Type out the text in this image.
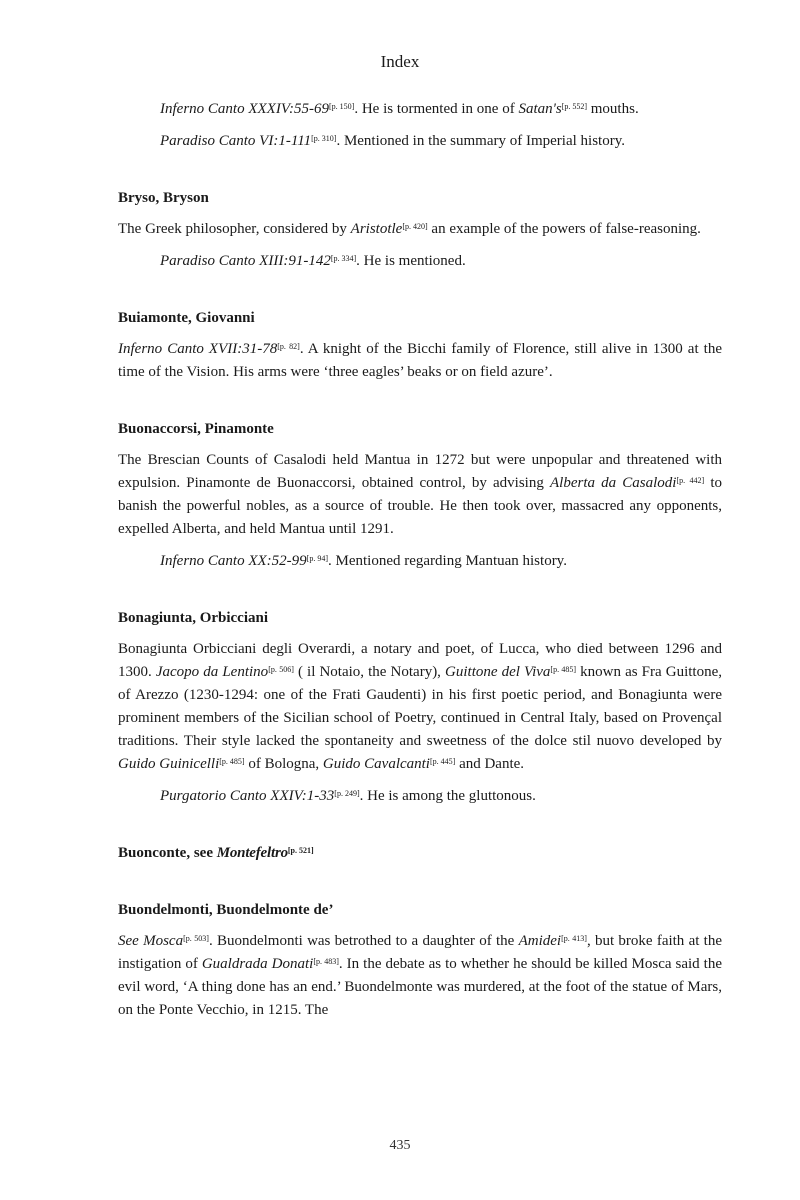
Index

Inferno Canto XXXIV:55-69[p. 150]. He is tormented in one of Satan's[p. 552] mouths.

Paradiso Canto VI:1-111[p. 310]. Mentioned in the summary of Imperial history.

Bryso, Bryson

The Greek philosopher, considered by Aristotle[p. 420] an example of the powers of false-reasoning.

Paradiso Canto XIII:91-142[p. 334]. He is mentioned.

Buiamonte, Giovanni

Inferno Canto XVII:31-78[p. 82]. A knight of the Bicchi family of Florence, still alive in 1300 at the time of the Vision. His arms were ‘three eagles’ beaks or on field azure’.

Buonaccorsi, Pinamonte

The Brescian Counts of Casalodi held Mantua in 1272 but were unpopular and threatened with expulsion. Pinamonte de Buonaccorsi, obtained control, by advising Alberta da Casalodi[p. 442] to banish the powerful nobles, as a source of trouble. He then took over, massacred any opponents, expelled Alberta, and held Mantua until 1291.

Inferno Canto XX:52-99[p. 94]. Mentioned regarding Mantuan history.

Bonagiunta, Orbicciani

Bonagiunta Orbicciani degli Overardi, a notary and poet, of Lucca, who died between 1296 and 1300. Jacopo da Lentino[p. 506] ( il Notaio, the Notary), Guittone del Viva[p. 485] known as Fra Guittone, of Arezzo (1230-1294: one of the Frati Gaudenti) in his first poetic period, and Bonagiunta were prominent members of the Sicilian school of Poetry, continued in Central Italy, based on Provençal traditions. Their style lacked the spontaneity and sweetness of the dolce stil nuovo developed by Guido Guinicelli[p. 485] of Bologna, Guido Cavalcanti[p. 445] and Dante.

Purgatorio Canto XXIV:1-33[p. 249]. He is among the gluttonous.

Buonconte, see Montefeltro[p. 521]

Buondelmonti, Buondelmonte de’

See Mosca[p. 503]. Buondelmonti was betrothed to a daughter of the Amidei[p. 413], but broke faith at the instigation of Gualdrada Donati[p. 483]. In the debate as to whether he should be killed Mosca said the evil word, ‘A thing done has an end.’ Buondelmonte was murdered, at the foot of the statue of Mars, on the Ponte Vecchio, in 1215. The

435
